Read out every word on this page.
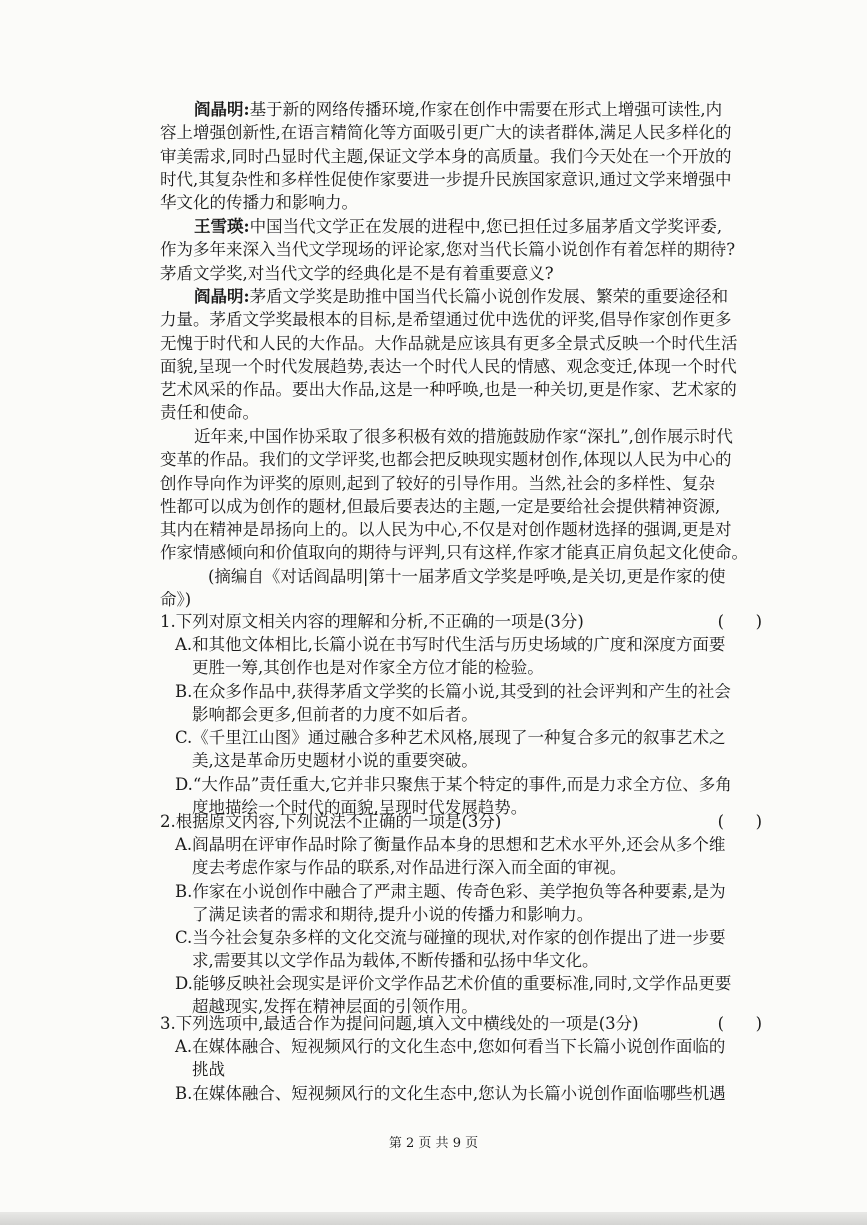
阎晶明:基于新的网络传播环境,作家在创作中需要在形式上增强可读性,内

容上增强创新性,在语言精简化等方面吸引更广大的读者群体,满足人民多样化的
审美需求,同时凸显时代主题,保证文学本身的高质量。我们今天处在一个开放的
时代,其复杂性和多样性促使作家要进一步提升民族国家意识,通过文学来增强中
华文化的传播力和影响力。
王雪瑛:中国当代文学正在发展的进程中,您已担任过多届茅盾文学奖评委,

作为多年来深入当代文学现场的评论家,您对当代长篇小说创作有着怎样的期待?
茅盾文学奖,对当代文学的经典化是不是有着重要意义?
阎晶明:茅盾文学奖是助推中国当代长篇小说创作发展、繁荣的重要途径和

力量。茅盾文学奖最根本的目标,是希望通过优中选优的评奖,倡导作家创作更多
无愧于时代和人民的大作品。大作品就是应该具有更多全景式反映一个时代生活
面貌,呈现一个时代发展趋势,表达一个时代人民的情感、观念变迁,体现一个时代
艺术风采的作品。要出大作品,这是一种呼唤,也是一种关切,更是作家、艺术家的
责任和使命。
近年来,中国作协采取了很多积极有效的措施鼓励作家“深扎”,创作展示时代

变革的作品。我们的文学评奖,也都会把反映现实题材创作,体现以人民为中心的
创作导向作为评奖的原则,起到了较好的引导作用。当然,社会的多样性、复杂
性都可以成为创作的题材,但最后要表达的主题,一定是要给社会提供精神资源,
其内在精神是昂扬向上的。以人民为中心,不仅是对创作题材选择的强调,更是对
作家情感倾向和价值取向的期待与评判,只有这样,作家才能真正肩负起文化使命。
(摘编自《对话阎晶明|第十一届茅盾文学奖是呼唤,是关切,更是作家的使
命》)
1.下列对原文相关内容的理解和分析,不正确的一项是(3分)	(      )
A.和其他文体相比,长篇小说在书写时代生活与历史场域的广度和深度方面要
更胜一筹,其创作也是对作家全方位才能的检验。
B.在众多作品中,获得茅盾文学奖的长篇小说,其受到的社会评判和产生的社会
影响都会更多,但前者的力度不如后者。
C.《千里江山图》通过融合多种艺术风格,展现了一种复合多元的叙事艺术之
美,这是革命历史题材小说的重要突破。
D.“大作品”责任重大,它并非只聚焦于某个特定的事件,而是力求全方位、多角
度地描绘一个时代的面貌,呈现时代发展趋势。
2.根据原文内容,下列说法不正确的一项是(3分)	(      )
A.阎晶明在评审作品时除了衡量作品本身的思想和艺术水平外,还会从多个维
度去考虑作家与作品的联系,对作品进行深入而全面的审视。
B.作家在小说创作中融合了严肃主题、传奇色彩、美学抱负等各种要素,是为
了满足读者的需求和期待,提升小说的传播力和影响力。
C.当今社会复杂多样的文化交流与碰撞的现状,对作家的创作提出了进一步要
求,需要其以文学作品为载体,不断传播和弘扬中华文化。
D.能够反映社会现实是评价文学作品艺术价值的重要标准,同时,文学作品更要
超越现实,发挥在精神层面的引领作用。
3.下列选项中,最适合作为提问问题,填入文中横线处的一项是(3分)	(      )
A.在媒体融合、短视频风行的文化生态中,您如何看当下长篇小说创作面临的
挑战
B.在媒体融合、短视频风行的文化生态中,您认为长篇小说创作面临哪些机遇
第 2 页 共 9 页
